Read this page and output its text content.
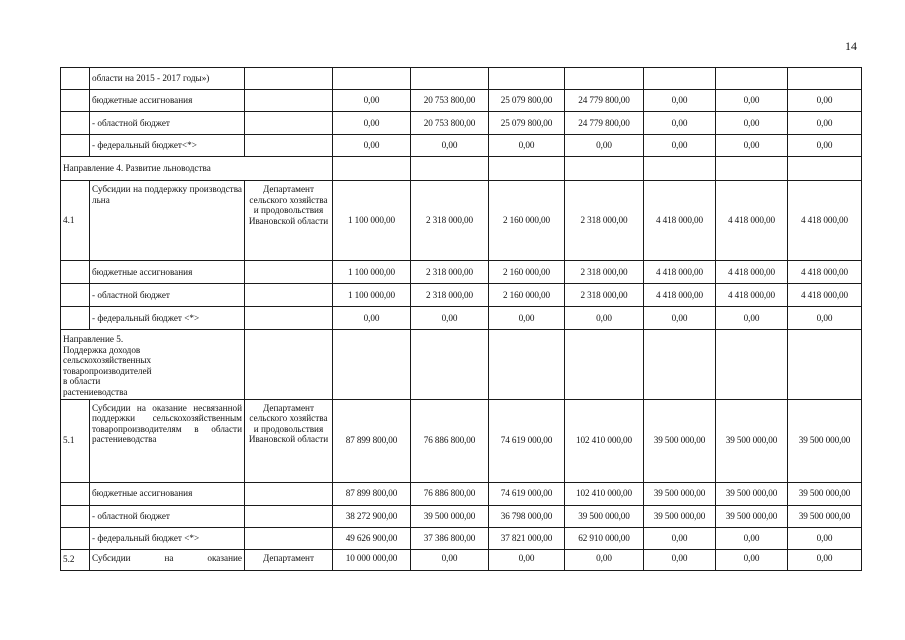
14
	области на 2015 - 2017 годы»)								
	бюджетные ассигнования		0,00	20 753 800,00	25 079 800,00	24 779 800,00	0,00	0,00	0,00
	- областной бюджет		0,00	20 753 800,00	25 079 800,00	24 779 800,00	0,00	0,00	0,00
	- федеральный бюджет<*>		0,00	0,00	0,00	0,00	0,00	0,00	0,00
Направление 4. Развитие льноводства									
4.1	Субсидии на поддержку производства льна	Департамент сельского хозяйства и продовольствия Ивановской области	1 100 000,00	2 318 000,00	2 160 000,00	2 318 000,00	4 418 000,00	4 418 000,00	4 418 000,00
	бюджетные ассигнования		1 100 000,00	2 318 000,00	2 160 000,00	2 318 000,00	4 418 000,00	4 418 000,00	4 418 000,00
	- областной бюджет		1 100 000,00	2 318 000,00	2 160 000,00	2 318 000,00	4 418 000,00	4 418 000,00	4 418 000,00
	- федеральный бюджет <*>		0,00	0,00	0,00	0,00	0,00	0,00	0,00
Направление 5. Поддержка доходов сельскохозяйственных товаропроизводителей в области растениеводства									
5.1	Субсидии на оказание несвязанной поддержки сельскохозяйственным товаропроизводителям в области растениеводства	Департамент сельского хозяйства и продовольствия Ивановской области	87 899 800,00	76 886 800,00	74 619 000,00	102 410 000,00	39 500 000,00	39 500 000,00	39 500 000,00
	бюджетные ассигнования		87 899 800,00	76 886 800,00	74 619 000,00	102 410 000,00	39 500 000,00	39 500 000,00	39 500 000,00
	- областной бюджет		38 272 900,00	39 500 000,00	36 798 000,00	39 500 000,00	39 500 000,00	39 500 000,00	39 500 000,00
	- федеральный бюджет <*>		49 626 900,00	37 386 800,00	37 821 000,00	62 910 000,00	0,00	0,00	0,00
5.2	Субсидии на оказание	Департамент	10 000 000,00	0,00	0,00	0,00	0,00	0,00	0,00
